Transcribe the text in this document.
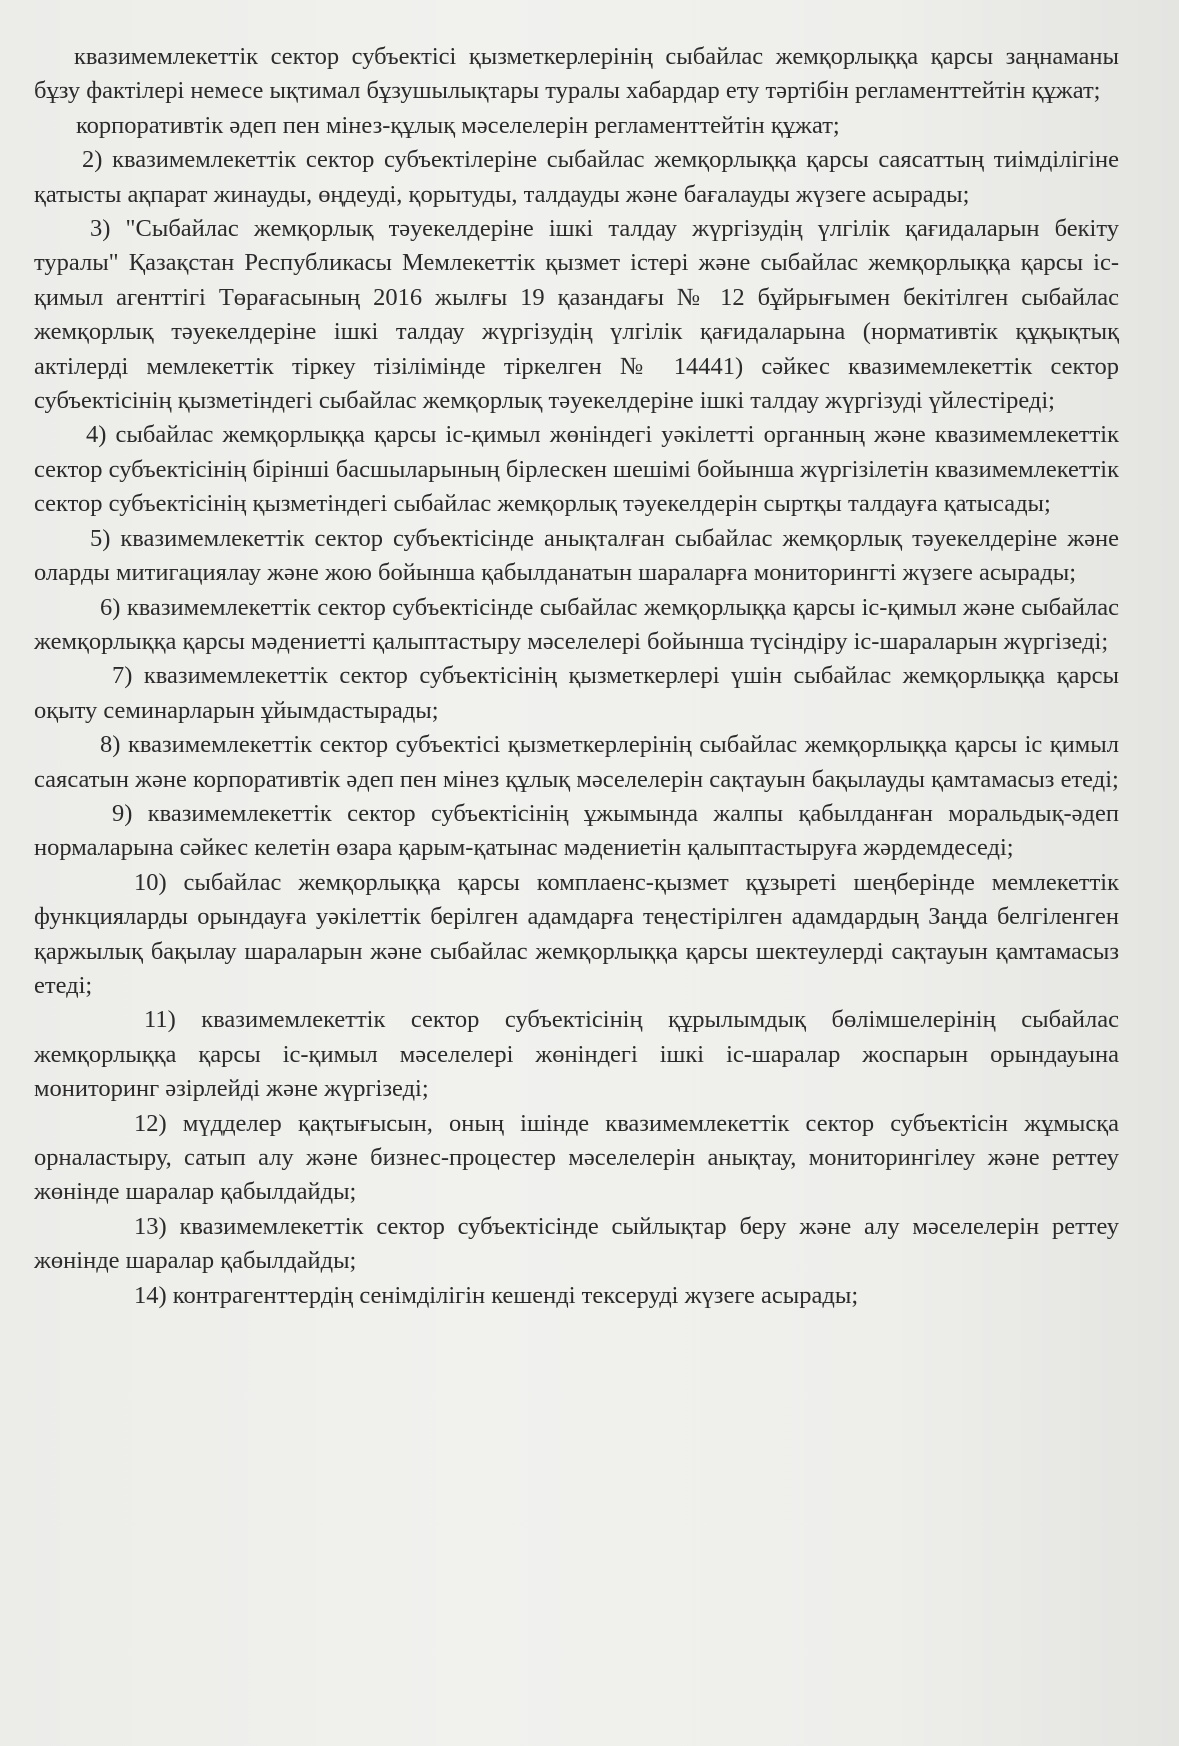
квазимемлекеттік сектор субъектісі қызметкерлерінің сыбайлас жемқорлыққа қарсы заңнаманы бұзу фактілері немесе ықтимал бұзушылықтары туралы хабардар ету тәртібін регламенттейтін құжат;

корпоративтік әдеп пен мінез-құлық мәселелерін регламенттейтін құжат;

2) квазимемлекеттік сектор субъектілеріне сыбайлас жемқорлыққа қарсы саясаттың тиімділігіне қатысты ақпарат жинауды, өңдеуді, қорытуды, талдауды және бағалауды жүзеге асырады;

3) "Сыбайлас жемқорлық тәуекелдеріне ішкі талдау жүргізудің үлгілік қағидаларын бекіту туралы" Қазақстан Республикасы Мемлекеттік қызмет істері және сыбайлас жемқорлыққа қарсы іс-қимыл агенттігі Төрағасының 2016 жылғы 19 қазандағы № 12 бұйрығымен бекітілген сыбайлас жемқорлық тәуекелдеріне ішкі талдау жүргізудің үлгілік қағидаларына (нормативтік құқықтық актілерді мемлекеттік тіркеу тізілімінде тіркелген № 14441) сәйкес квазимемлекеттік сектор субъектісінің қызметіндегі сыбайлас жемқорлық тәуекелдеріне ішкі талдау жүргізуді үйлестіреді;

4) сыбайлас жемқорлыққа қарсы іс-қимыл жөніндегі уәкілетті органның және квазимемлекеттік сектор субъектісінің бірінші басшыларының бірлескен шешімі бойынша жүргізілетін квазимемлекеттік сектор субъектісінің қызметіндегі сыбайлас жемқорлық тәуекелдерін сыртқы талдауға қатысады;

5) квазимемлекеттік сектор субъектісінде анықталған сыбайлас жемқорлық тәуекелдеріне және оларды митигациялау және жою бойынша қабылданатын шараларға мониторингті жүзеге асырады;

6) квазимемлекеттік сектор субъектісінде сыбайлас жемқорлыққа қарсы іс-қимыл және сыбайлас жемқорлыққа қарсы мәдениетті қалыптастыру мәселелері бойынша түсіндіру іс-шараларын жүргізеді;

7) квазимемлекеттік сектор субъектісінің қызметкерлері үшін сыбайлас жемқорлыққа қарсы оқыту семинарларын ұйымдастырады;

8) квазимемлекеттік сектор субъектісі қызметкерлерінің сыбайлас жемқорлыққа қарсы іс қимыл саясатын және корпоративтік әдеп пен мінез құлық мәселелерін сақтауын бақылауды қамтамасыз етеді;

9) квазимемлекеттік сектор субъектісінің ұжымында жалпы қабылданған моральдық-әдеп нормаларына сәйкес келетін өзара қарым-қатынас мәдениетін қалыптастыруға жәрдемдеседі;

10) сыбайлас жемқорлыққа қарсы комплаенс-қызмет құзыреті шеңберінде мемлекеттік функцияларды орындауға уәкілеттік берілген адамдарға теңестірілген адамдардың Заңда белгіленген қаржылық бақылау шараларын және сыбайлас жемқорлыққа қарсы шектеулерді сақтауын қамтамасыз етеді;

11) квазимемлекеттік сектор субъектісінің құрылымдық бөлімшелерінің сыбайлас жемқорлыққа қарсы іс-қимыл мәселелері жөніндегі ішкі іс-шаралар жоспарын орындауына мониторинг әзірлейді және жүргізеді;

12) мүдделер қақтығысын, оның ішінде квазимемлекеттік сектор субъектісін жұмысқа орналастыру, сатып алу және бизнес-процестер мәселелерін анықтау, мониторингілеу және реттеу жөнінде шаралар қабылдайды;

13) квазимемлекеттік сектор субъектісінде сыйлықтар беру және алу мәселелерін реттеу жөнінде шаралар қабылдайды;

14) контрагенттердің сенімділігін кешенді тексеруді жүзеге асырады;
